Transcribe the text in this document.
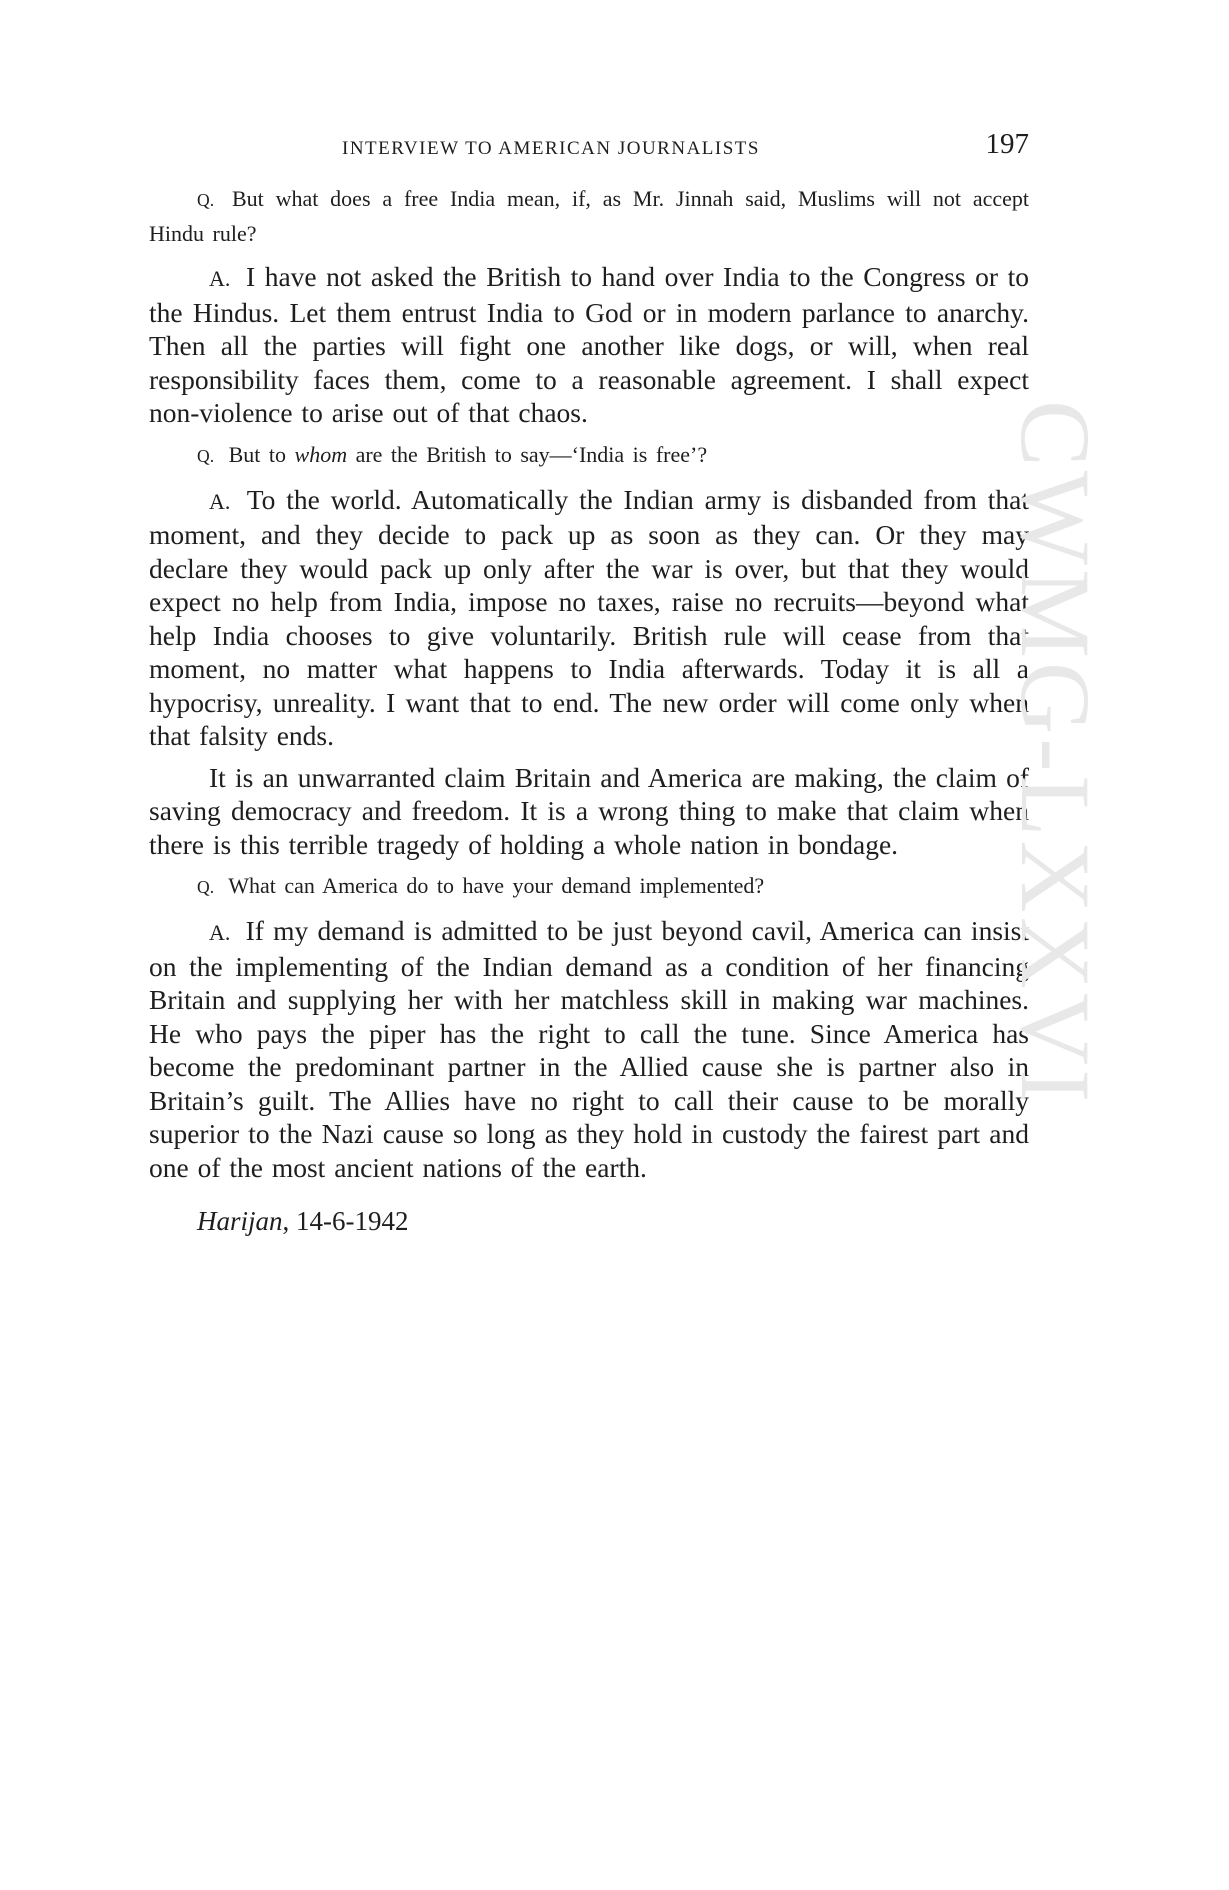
INTERVIEW TO AMERICAN JOURNALISTS	197

Q. But what does a free India mean, if, as Mr. Jinnah said, Muslims will not accept Hindu rule?

A. I have not asked the British to hand over India to the Congress or to the Hindus. Let them entrust India to God or in modern parlance to anarchy. Then all the parties will fight one another like dogs, or will, when real responsibility faces them, come to a reasonable agreement. I shall expect non-violence to arise out of that chaos.

Q. But to whom are the British to say—‘India is free’?

A. To the world. Automatically the Indian army is disbanded from that moment, and they decide to pack up as soon as they can. Or they may declare they would pack up only after the war is over, but that they would expect no help from India, impose no taxes, raise no recruits—beyond what help India chooses to give voluntarily. British rule will cease from that moment, no matter what happens to India afterwards. Today it is all a hypocrisy, unreality. I want that to end. The new order will come only when that falsity ends.

It is an unwarranted claim Britain and America are making, the claim of saving democracy and freedom. It is a wrong thing to make that claim when there is this terrible tragedy of holding a whole nation in bondage.

Q. What can America do to have your demand implemented?

A. If my demand is admitted to be just beyond cavil, America can insist on the implementing of the Indian demand as a condition of her financing Britain and supplying her with her matchless skill in making war machines. He who pays the piper has the right to call the tune. Since America has become the predominant partner in the Allied cause she is partner also in Britain’s guilt. The Allies have no right to call their cause to be morally superior to the Nazi cause so long as they hold in custody the fairest part and one of the most ancient nations of the earth.

Harijan, 14-6-1942

CWMG-LXXVI
